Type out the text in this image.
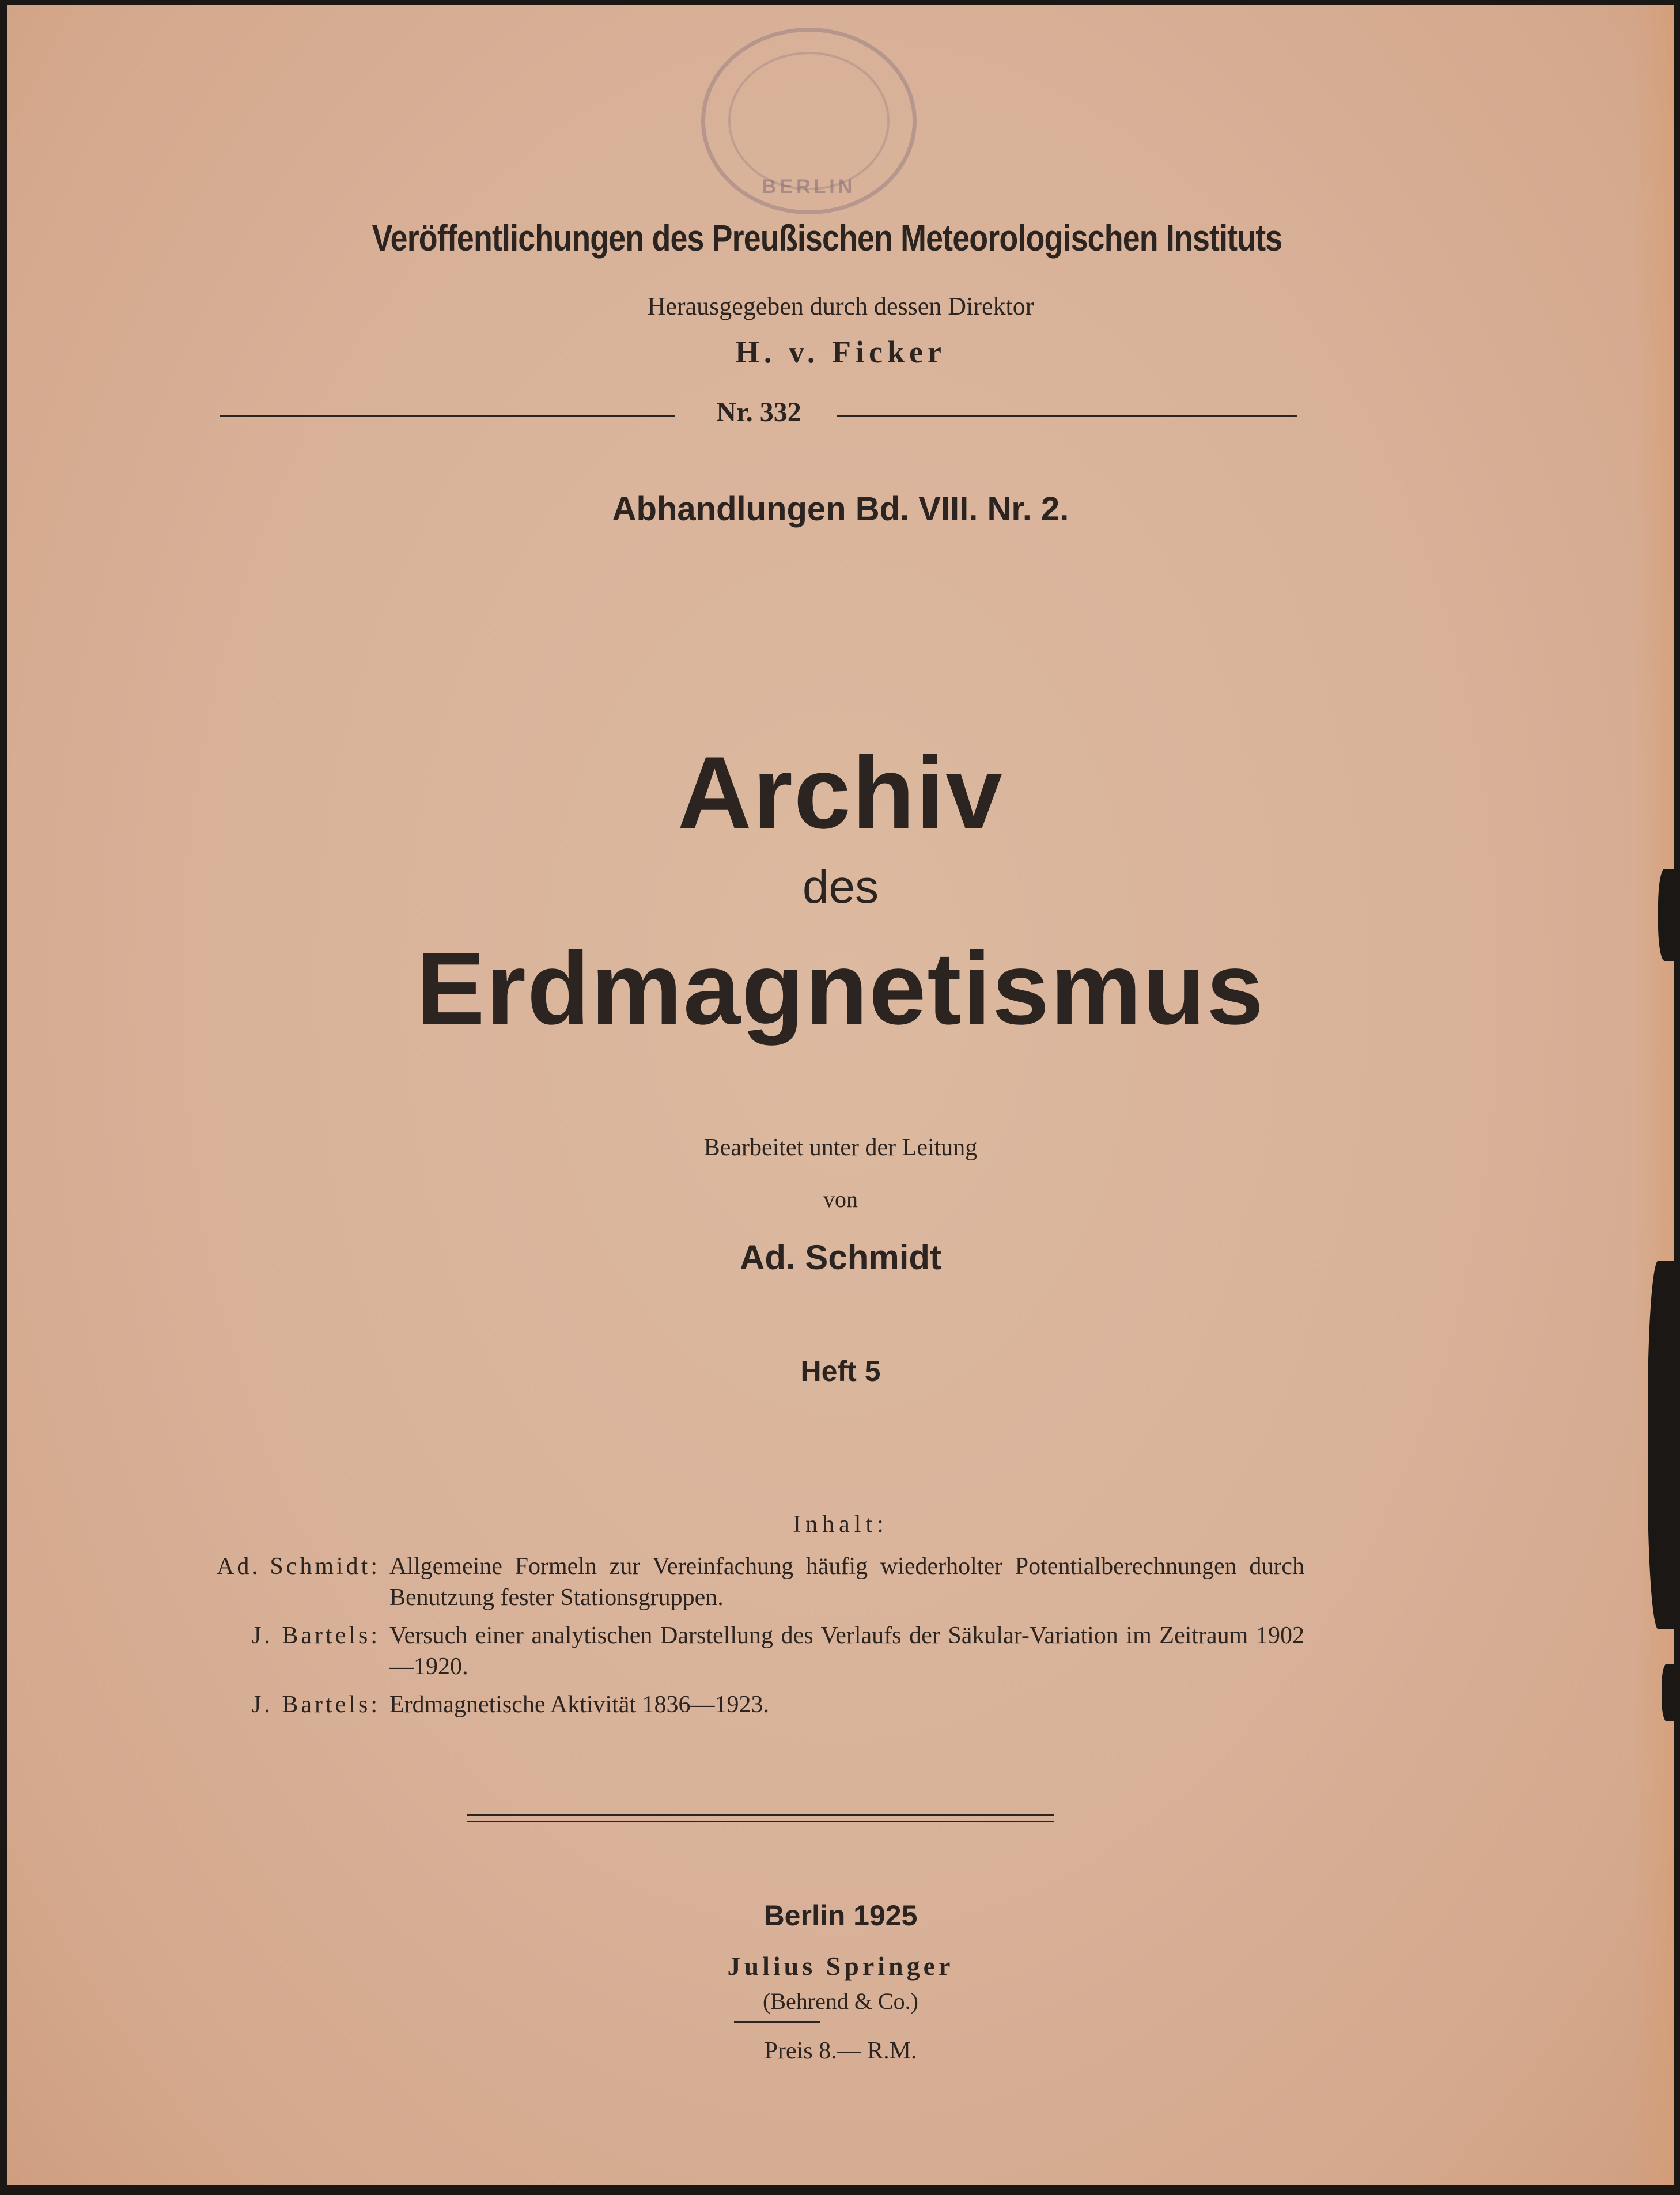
BERLIN
Veröffentlichungen des Preußischen Meteorologischen Instituts
Herausgegeben durch dessen Direktor
H. v. Ficker
Nr. 332
Abhandlungen Bd. VIII. Nr. 2.
Archiv
des
Erdmagnetismus
Bearbeitet unter der Leitung
von
Ad. Schmidt
Heft 5
Inhalt:
Ad. Schmidt: Allgemeine Formeln zur Vereinfachung häufig wiederholter Potentialberechnungen durch Benutzung fester Stationsgruppen.
J. Bartels: Versuch einer analytischen Darstellung des Verlaufs der Säkular-Variation im Zeitraum 1902—1920.
J. Bartels: Erdmagnetische Aktivität 1836—1923.
Berlin 1925
Julius Springer
(Behrend & Co.)
Preis 8.— R.M.
